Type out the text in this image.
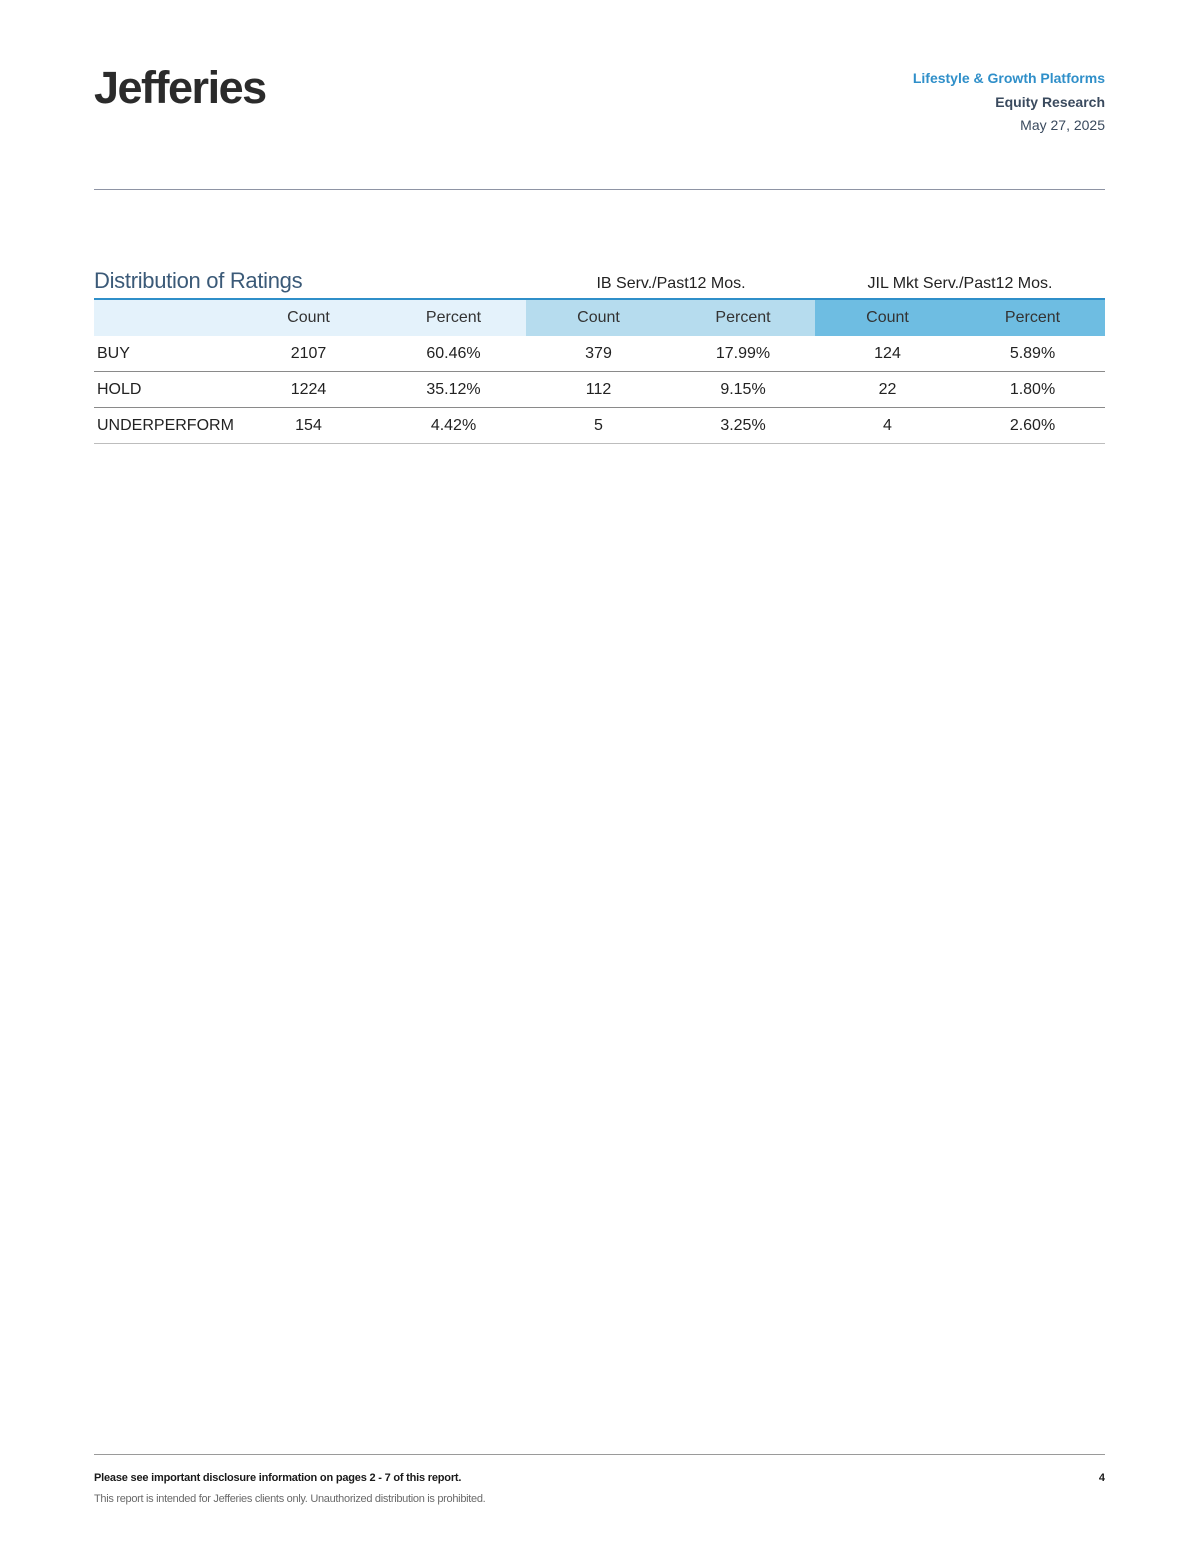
Jefferies	Lifestyle & Growth Platforms
Equity Research
May 27, 2025
Distribution of Ratings	IB Serv./Past12 Mos.	JIL Mkt Serv./Past12 Mos.
	Count	Percent	Count	Percent	Count	Percent
BUY	2107	60.46%	379	17.99%	124	5.89%
HOLD	1224	35.12%	112	9.15%	22	1.80%
UNDERPERFORM	154	4.42%	5	3.25%	4	2.60%
Please see important disclosure information on pages 2 - 7 of this report.	4
This report is intended for Jefferies clients only. Unauthorized distribution is prohibited.
